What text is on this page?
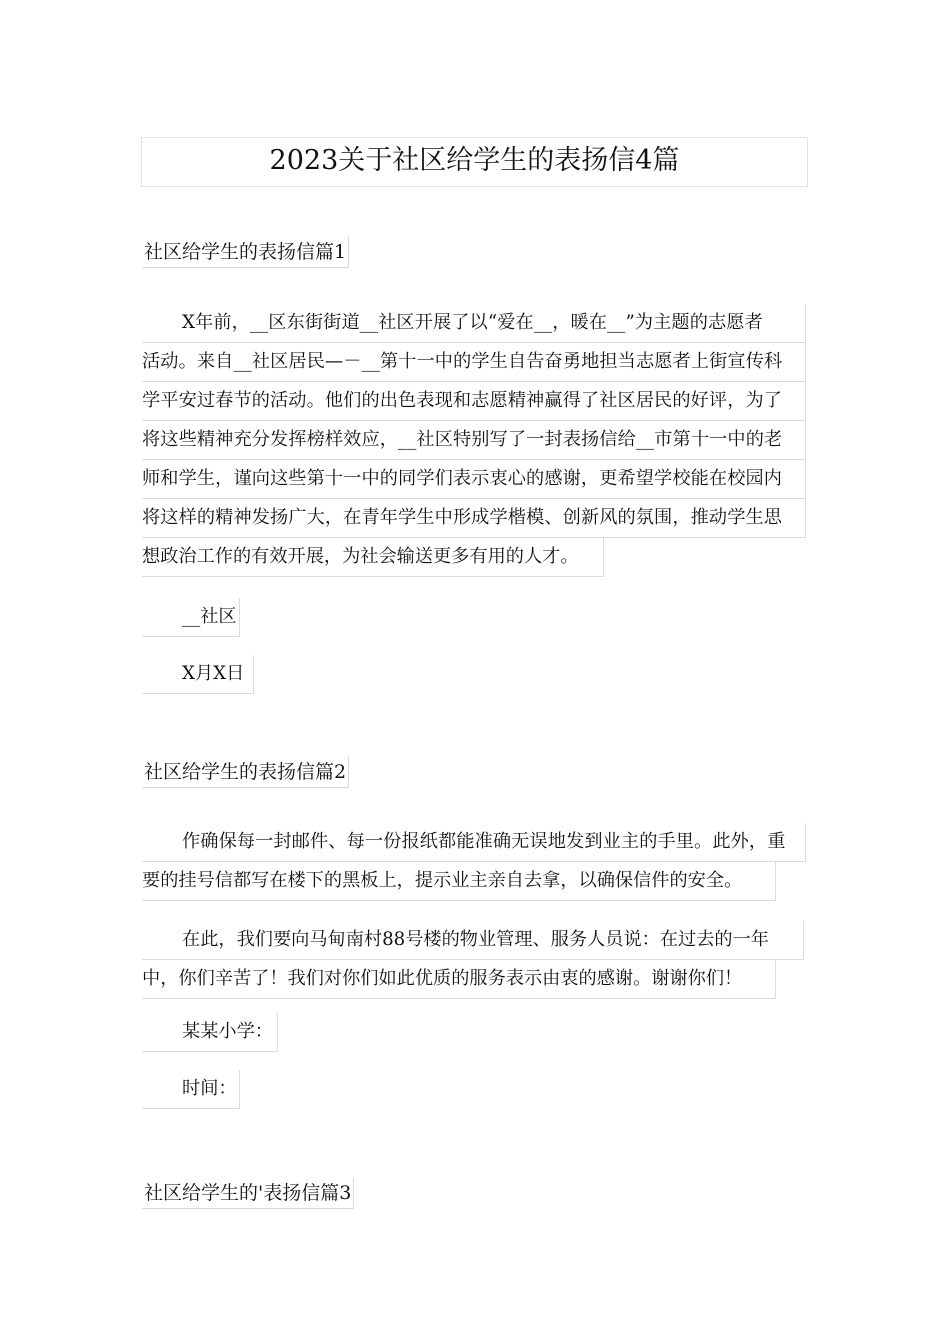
2023关于社区给学生的表扬信4篇
社区给学生的表扬信篇1
X年前，__区东街街道__社区开展了以“爱在__，暖在__”为主题的志愿者
活动。来自__社区居民—－__第十一中的学生自告奋勇地担当志愿者上街宣传科
学平安过春节的活动。他们的出色表现和志愿精神赢得了社区居民的好评，为了
将这些精神充分发挥榜样效应，__社区特别写了一封表扬信给__市第十一中的老
师和学生，谨向这些第十一中的同学们表示衷心的感谢，更希望学校能在校园内
将这样的精神发扬广大，在青年学生中形成学楷模、创新风的氛围，推动学生思
想政治工作的有效开展，为社会输送更多有用的人才。
__社区
X月X日
社区给学生的表扬信篇2
作确保每一封邮件、每一份报纸都能准确无误地发到业主的手里。此外，重
要的挂号信都写在楼下的黑板上，提示业主亲自去拿，以确保信件的安全。
在此，我们要向马甸南村88号楼的物业管理、服务人员说：在过去的一年
中，你们辛苦了！我们对你们如此优质的服务表示由衷的感谢。谢谢你们！
某某小学：
时间：
社区给学生的'表扬信篇3
